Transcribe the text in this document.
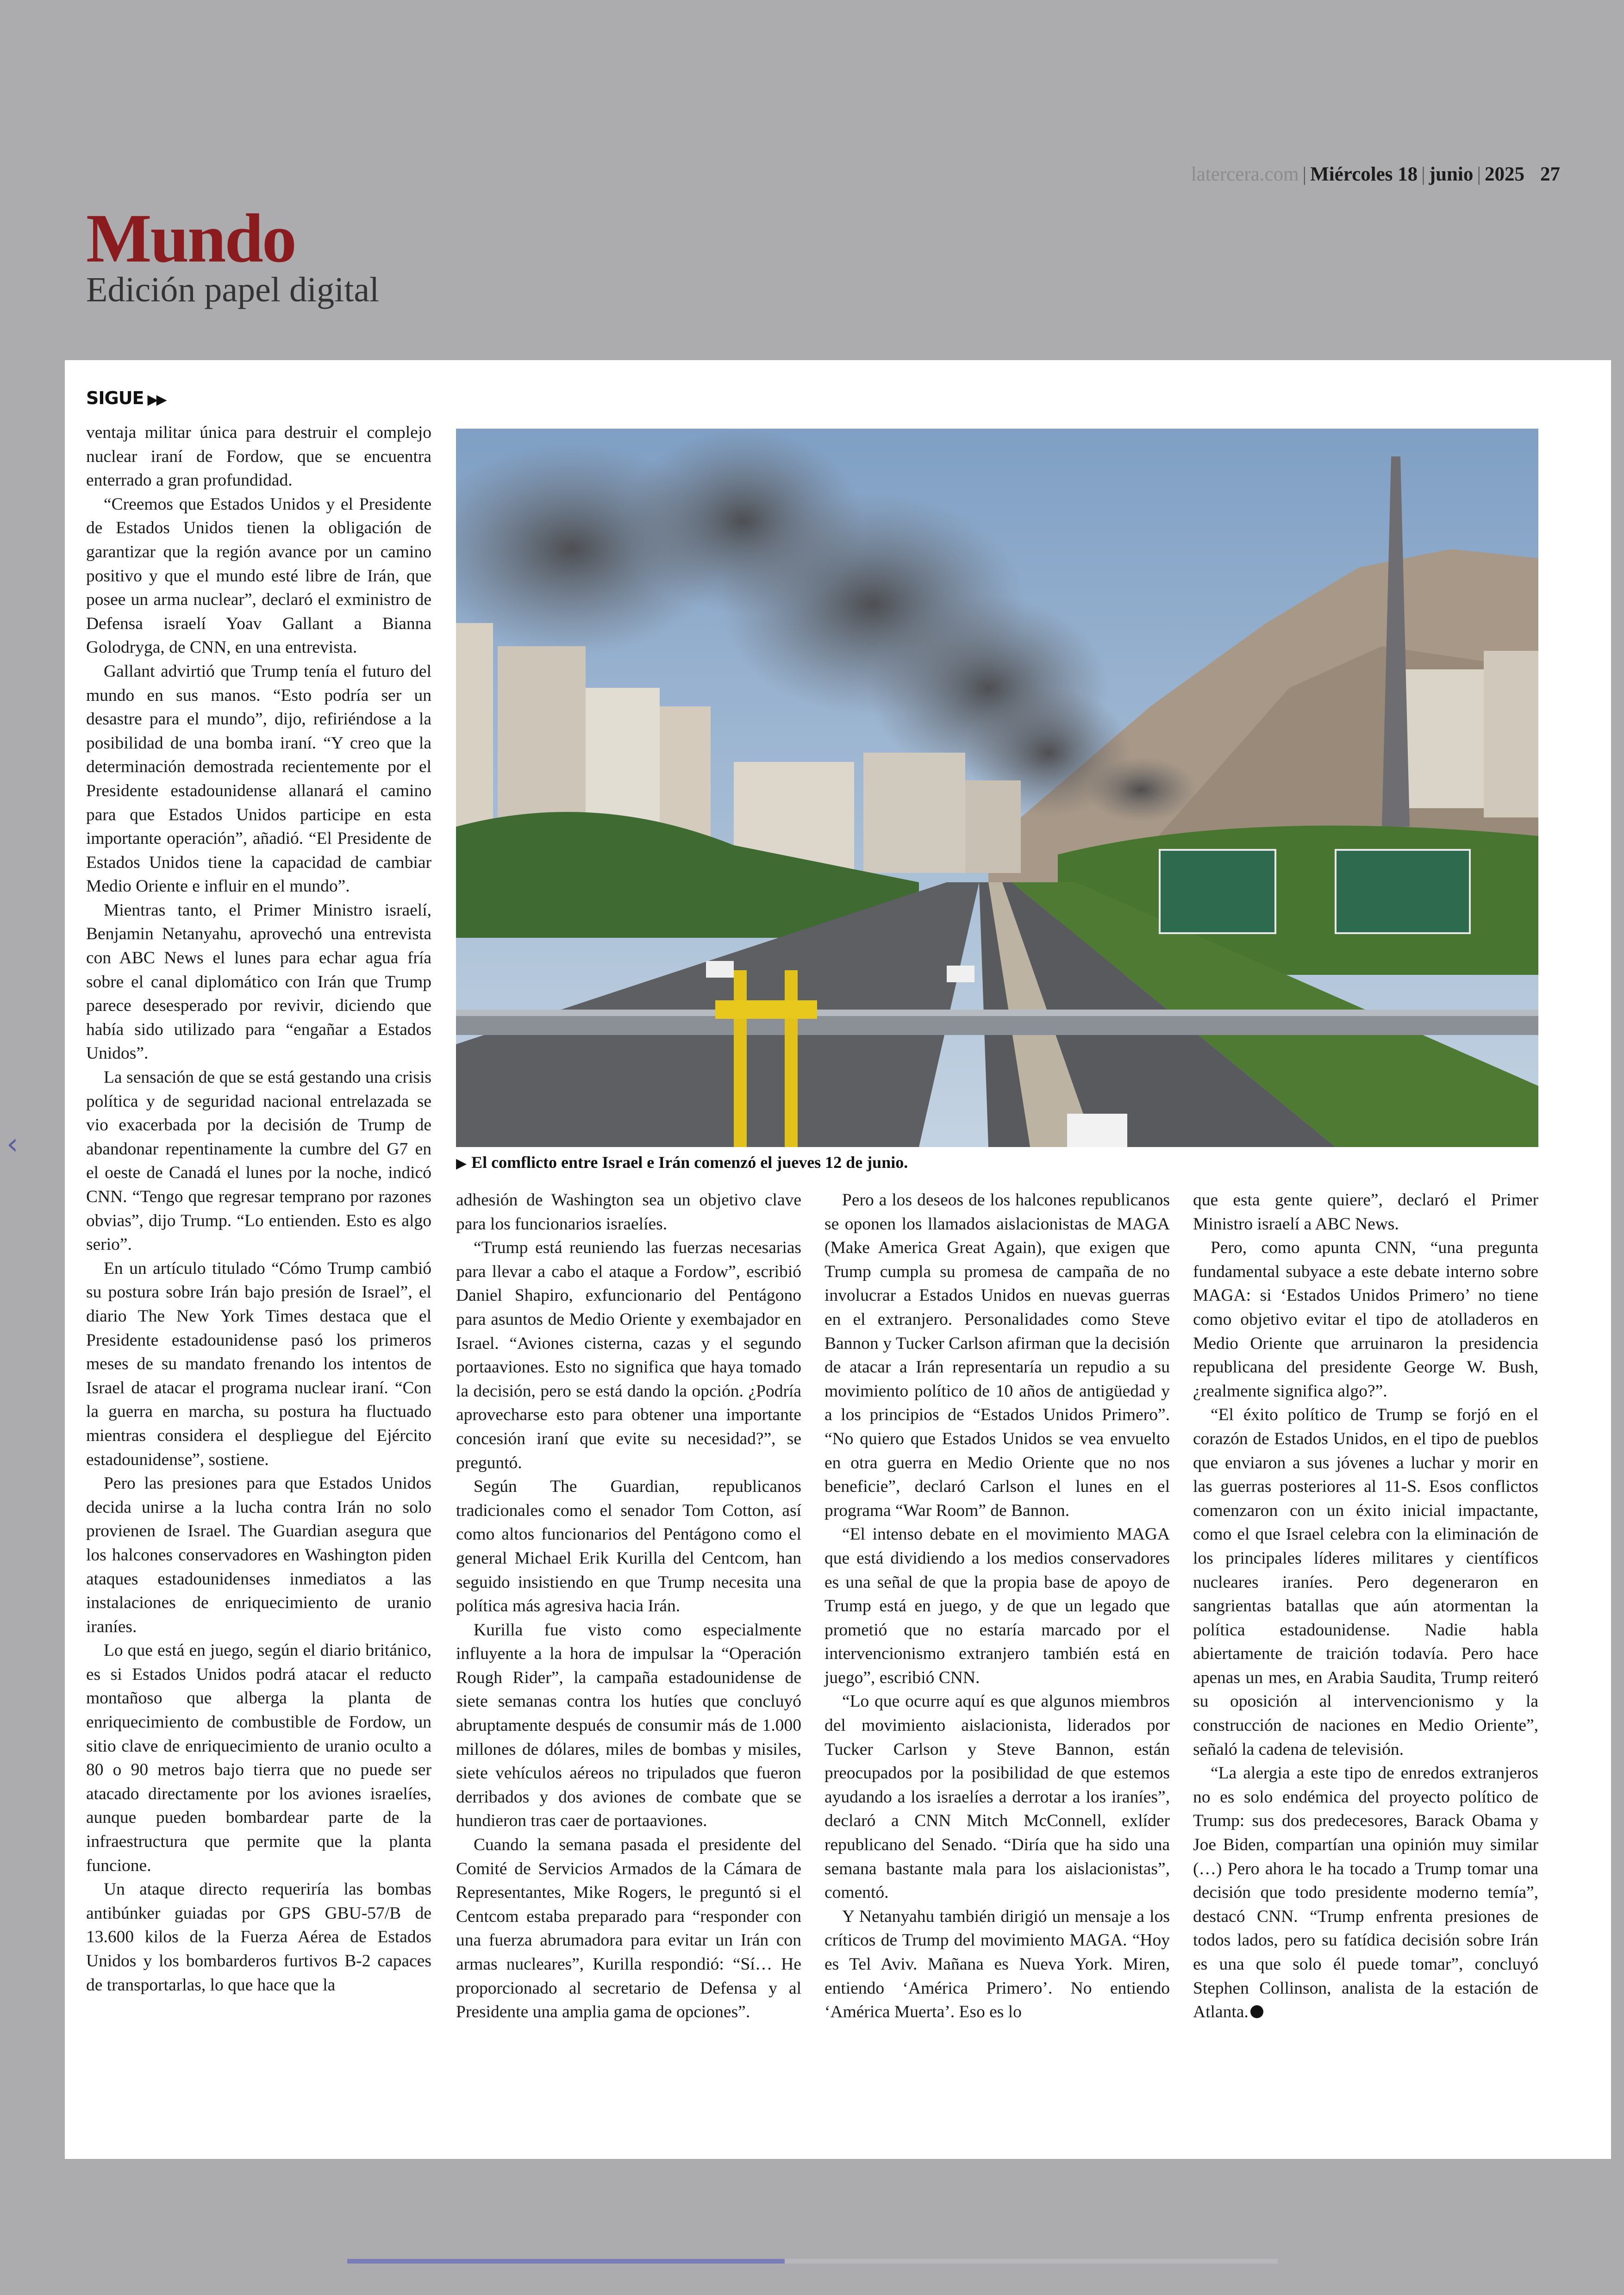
latercera.com | Miércoles 18 | junio | 2025 27
Mundo
Edición papel digital
‹
SIGUE ▶▶
▶ El comflicto entre Israel e Irán comenzó el jueves 12 de junio.

ventaja militar única para destruir el complejo nuclear iraní de Fordow, que se encuentra enterrado a gran profundidad.

“Creemos que Estados Unidos y el Presidente de Estados Unidos tienen la obligación de garantizar que la región avance por un camino positivo y que el mundo esté libre de Irán, que posee un arma nuclear”, declaró el exministro de Defensa israelí Yoav Gallant a Bianna Golodryga, de CNN, en una entrevista.

Gallant advirtió que Trump tenía el futuro del mundo en sus manos. “Esto podría ser un desastre para el mundo”, dijo, refiriéndose a la posibilidad de una bomba iraní. “Y creo que la determinación demostrada recientemente por el Presidente estadounidense allanará el camino para que Estados Unidos participe en esta importante operación”, añadió. “El Presidente de Estados Unidos tiene la capacidad de cambiar Medio Oriente e influir en el mundo”.

Mientras tanto, el Primer Ministro israelí, Benjamin Netanyahu, aprovechó una entrevista con ABC News el lunes para echar agua fría sobre el canal diplomático con Irán que Trump parece desesperado por revivir, diciendo que había sido utilizado para “engañar a Estados Unidos”.

La sensación de que se está gestando una crisis política y de seguridad nacional entrelazada se vio exacerbada por la decisión de Trump de abandonar repentinamente la cumbre del G7 en el oeste de Canadá el lunes por la noche, indicó CNN. “Tengo que regresar temprano por razones obvias”, dijo Trump. “Lo entienden. Esto es algo serio”.

En un artículo titulado “Cómo Trump cambió su postura sobre Irán bajo presión de Israel”, el diario The New York Times destaca que el Presidente estadounidense pasó los primeros meses de su mandato frenando los intentos de Israel de atacar el programa nuclear iraní. “Con la guerra en marcha, su postura ha fluctuado mientras considera el despliegue del Ejército estadounidense”, sostiene.

Pero las presiones para que Estados Unidos decida unirse a la lucha contra Irán no solo provienen de Israel. The Guardian asegura que los halcones conservadores en Washington piden ataques estadounidenses inmediatos a las instalaciones de enriquecimiento de uranio iraníes.

Lo que está en juego, según el diario británico, es si Estados Unidos podrá atacar el reducto montañoso que alberga la planta de enriquecimiento de combustible de Fordow, un sitio clave de enriquecimiento de uranio oculto a 80 o 90 metros bajo tierra que no puede ser atacado directamente por los aviones israelíes, aunque pueden bombardear parte de la infraestructura que permite que la planta funcione.

Un ataque directo requeriría las bombas antibúnker guiadas por GPS GBU-57/B de 13.600 kilos de la Fuerza Aérea de Estados Unidos y los bombarderos furtivos B-2 capaces de transportarlas, lo que hace que la

adhesión de Washington sea un objetivo clave para los funcionarios israelíes.

“Trump está reuniendo las fuerzas necesarias para llevar a cabo el ataque a Fordow”, escribió Daniel Shapiro, exfuncionario del Pentágono para asuntos de Medio Oriente y exembajador en Israel. “Aviones cisterna, cazas y el segundo portaaviones. Esto no significa que haya tomado la decisión, pero se está dando la opción. ¿Podría aprovecharse esto para obtener una importante concesión iraní que evite su necesidad?”, se preguntó.

Según The Guardian, republicanos tradicionales como el senador Tom Cotton, así como altos funcionarios del Pentágono como el general Michael Erik Kurilla del Centcom, han seguido insistiendo en que Trump necesita una política más agresiva hacia Irán.

Kurilla fue visto como especialmente influyente a la hora de impulsar la “Operación Rough Rider”, la campaña estadounidense de siete semanas contra los hutíes que concluyó abruptamente después de consumir más de 1.000 millones de dólares, miles de bombas y misiles, siete vehículos aéreos no tripulados que fueron derribados y dos aviones de combate que se hundieron tras caer de portaaviones.

Cuando la semana pasada el presidente del Comité de Servicios Armados de la Cámara de Representantes, Mike Rogers, le preguntó si el Centcom estaba preparado para “responder con una fuerza abrumadora para evitar un Irán con armas nucleares”, Kurilla respondió: “Sí… He proporcionado al secretario de Defensa y al Presidente una amplia gama de opciones”.

Pero a los deseos de los halcones republicanos se oponen los llamados aislacionistas de MAGA (Make America Great Again), que exigen que Trump cumpla su promesa de campaña de no involucrar a Estados Unidos en nuevas guerras en el extranjero. Personalidades como Steve Bannon y Tucker Carlson afirman que la decisión de atacar a Irán representaría un repudio a su movimiento político de 10 años de antigüedad y a los principios de “Estados Unidos Primero”. “No quiero que Estados Unidos se vea envuelto en otra guerra en Medio Oriente que no nos beneficie”, declaró Carlson el lunes en el programa “War Room” de Bannon.

“El intenso debate en el movimiento MAGA que está dividiendo a los medios conservadores es una señal de que la propia base de apoyo de Trump está en juego, y de que un legado que prometió que no estaría marcado por el intervencionismo extranjero también está en juego”, escribió CNN.

“Lo que ocurre aquí es que algunos miembros del movimiento aislacionista, liderados por Tucker Carlson y Steve Bannon, están preocupados por la posibilidad de que estemos ayudando a los israelíes a derrotar a los iraníes”, declaró a CNN Mitch McConnell, exlíder republicano del Senado. “Diría que ha sido una semana bastante mala para los aislacionistas”, comentó.

Y Netanyahu también dirigió un mensaje a los críticos de Trump del movimiento MAGA. “Hoy es Tel Aviv. Mañana es Nueva York. Miren, entiendo ‘América Primero’. No entiendo ‘América Muerta’. Eso es lo

que esta gente quiere”, declaró el Primer Ministro israelí a ABC News.

Pero, como apunta CNN, “una pregunta fundamental subyace a este debate interno sobre MAGA: si ‘Estados Unidos Primero’ no tiene como objetivo evitar el tipo de atolladeros en Medio Oriente que arruinaron la presidencia republicana del presidente George W. Bush, ¿realmente significa algo?”.

“El éxito político de Trump se forjó en el corazón de Estados Unidos, en el tipo de pueblos que enviaron a sus jóvenes a luchar y morir en las guerras posteriores al 11-S. Esos conflictos comenzaron con un éxito inicial impactante, como el que Israel celebra con la eliminación de los principales líderes militares y científicos nucleares iraníes. Pero degeneraron en sangrientas batallas que aún atormentan la política estadounidense. Nadie habla abiertamente de traición todavía. Pero hace apenas un mes, en Arabia Saudita, Trump reiteró su oposición al intervencionismo y la construcción de naciones en Medio Oriente”, señaló la cadena de televisión.

“La alergia a este tipo de enredos extranjeros no es solo endémica del proyecto político de Trump: sus dos predecesores, Barack Obama y Joe Biden, compartían una opinión muy similar (…) Pero ahora le ha tocado a Trump tomar una decisión que todo presidente moderno temía”, destacó CNN. “Trump enfrenta presiones de todos lados, pero su fatídica decisión sobre Irán es una que solo él puede tomar”, concluyó Stephen Collinson, analista de la estación de Atlanta.
